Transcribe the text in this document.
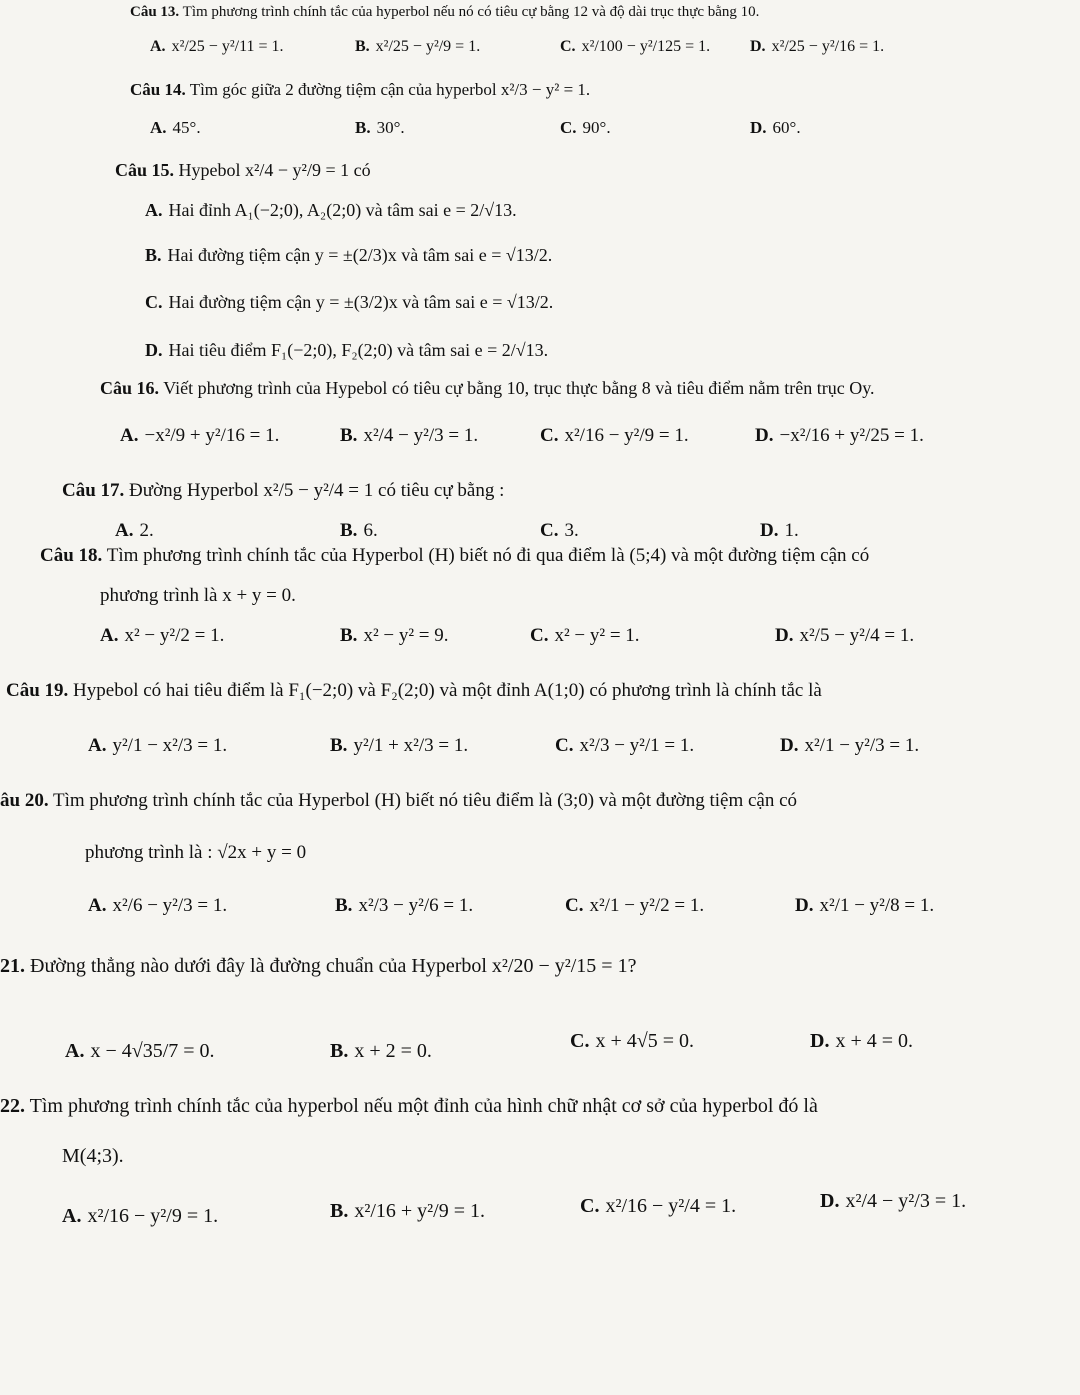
Câu 13. Tìm phương trình chính tắc của hyperbol nếu nó có tiêu cự bằng 12 và độ dài trục thực bằng 10.
A. x²/25 − y²/11 = 1.	B. x²/25 − y²/9 = 1.	C. x²/100 − y²/125 = 1. D. x²/25 − y²/16 = 1.
Câu 14. Tìm góc giữa 2 đường tiệm cận của hyperbol x²/3 − y² = 1.
A. 45°.	B. 30°.	C. 90°.	D. 60°.
Câu 15. Hypebol x²/4 − y²/9 = 1 có
A. Hai đỉnh A₁(−2;0), A₂(2;0) và tâm sai e = 2/√13.
B. Hai đường tiệm cận y = ±(2/3)x và tâm sai e = √13/2.
C. Hai đường tiệm cận y = ±(3/2)x và tâm sai e = √13/2.
D. Hai tiêu điểm F₁(−2;0), F₂(2;0) và tâm sai e = 2/√13.
Câu 16. Viết phương trình của Hypebol có tiêu cự bằng 10, trục thực bằng 8 và tiêu điểm nằm trên trục Oy.
A. −x²/9 + y²/16 = 1.	B. x²/4 − y²/3 = 1.	C. x²/16 − y²/9 = 1.	D. −x²/16 + y²/25 = 1.
Câu 17. Đường Hyperbol x²/5 − y²/4 = 1 có tiêu cự bằng :
A. 2.	B. 6.	C. 3.	D. 1.
Câu 18. Tìm phương trình chính tắc của Hyperbol (H) biết nó đi qua điểm là (5;4) và một đường tiệm cận có
phương trình là x + y = 0.
A. x² − y²/2 = 1.	B. x² − y² = 9.	C. x² − y² = 1.	D. x²/5 − y²/4 = 1.
Câu 19. Hypebol có hai tiêu điểm là F₁(−2;0) và F₂(2;0) và một đỉnh A(1;0) có phương trình là chính tắc là
A. y²/1 − x²/3 = 1.	B. y²/1 + x²/3 = 1.	C. x²/3 − y²/1 = 1.	D. x²/1 − y²/3 = 1.
âu 20. Tìm phương trình chính tắc của Hyperbol (H) biết nó tiêu điểm là (3;0) và một đường tiệm cận có
phương trình là : √2x + y = 0
A. x²/6 − y²/3 = 1.	B. x²/3 − y²/6 = 1.	C. x²/1 − y²/2 = 1.	D. x²/1 − y²/8 = 1.
21. Đường thẳng nào dưới đây là đường chuẩn của Hyperbol x²/20 − y²/15 = 1?
A. x − 4√35/7 = 0.	B. x + 2 = 0.	C. x + 4√5 = 0.	D. x + 4 = 0.
22. Tìm phương trình chính tắc của hyperbol nếu một đỉnh của hình chữ nhật cơ sở của hyperbol đó là
M(4;3).
A. x²/16 − y²/9 = 1.	B. x²/16 + y²/9 = 1.	C. x²/16 − y²/4 = 1.	D. x²/4 − y²/3 = 1.
